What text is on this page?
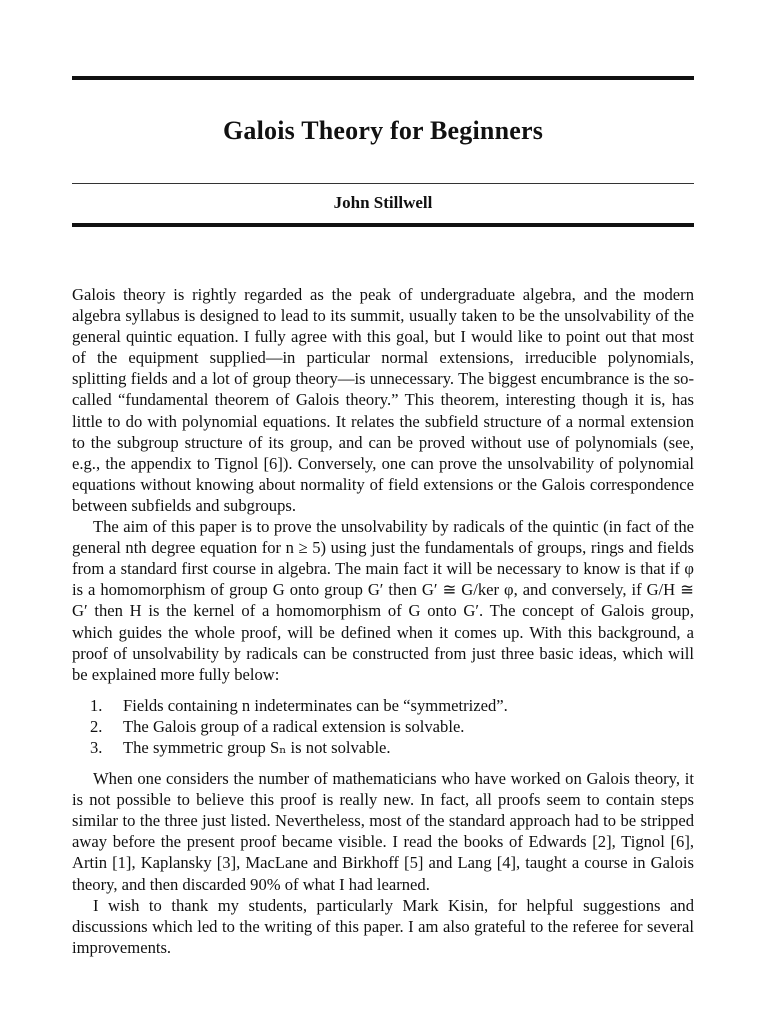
Galois Theory for Beginners
John Stillwell

Galois theory is rightly regarded as the peak of undergraduate algebra, and the modern algebra syllabus is designed to lead to its summit, usually taken to be the unsolvability of the general quintic equation. I fully agree with this goal, but I would like to point out that most of the equipment supplied—in particular normal extensions, irreducible polynomials, splitting fields and a lot of group theory—is unnecessary. The biggest encumbrance is the so-called “fundamental theorem of Galois theory.” This theorem, interesting though it is, has little to do with polynomial equations. It relates the subfield structure of a normal extension to the subgroup structure of its group, and can be proved without use of polynomials (see, e.g., the appendix to Tignol [6]). Conversely, one can prove the unsolvability of polynomial equations without knowing about normality of field extensions or the Galois correspondence between subfields and subgroups.

The aim of this paper is to prove the unsolvability by radicals of the quintic (in fact of the general nth degree equation for n ≥ 5) using just the fundamentals of groups, rings and fields from a standard first course in algebra. The main fact it will be necessary to know is that if φ is a homomorphism of group G onto group G′ then G′ ≅ G/ker φ, and conversely, if G/H ≅ G′ then H is the kernel of a homomorphism of G onto G′. The concept of Galois group, which guides the whole proof, will be defined when it comes up. With this background, a proof of unsolvability by radicals can be constructed from just three basic ideas, which will be explained more fully below:

1.	Fields containing n indeterminates can be “symmetrized”.
2.	The Galois group of a radical extension is solvable.
3.	The symmetric group Sₙ is not solvable.

When one considers the number of mathematicians who have worked on Galois theory, it is not possible to believe this proof is really new. In fact, all proofs seem to contain steps similar to the three just listed. Nevertheless, most of the standard approach had to be stripped away before the present proof became visible. I read the books of Edwards [2], Tignol [6], Artin [1], Kaplansky [3], MacLane and Birkhoff [5] and Lang [4], taught a course in Galois theory, and then discarded 90% of what I had learned.

I wish to thank my students, particularly Mark Kisin, for helpful suggestions and discussions which led to the writing of this paper. I am also grateful to the referee for several improvements.
